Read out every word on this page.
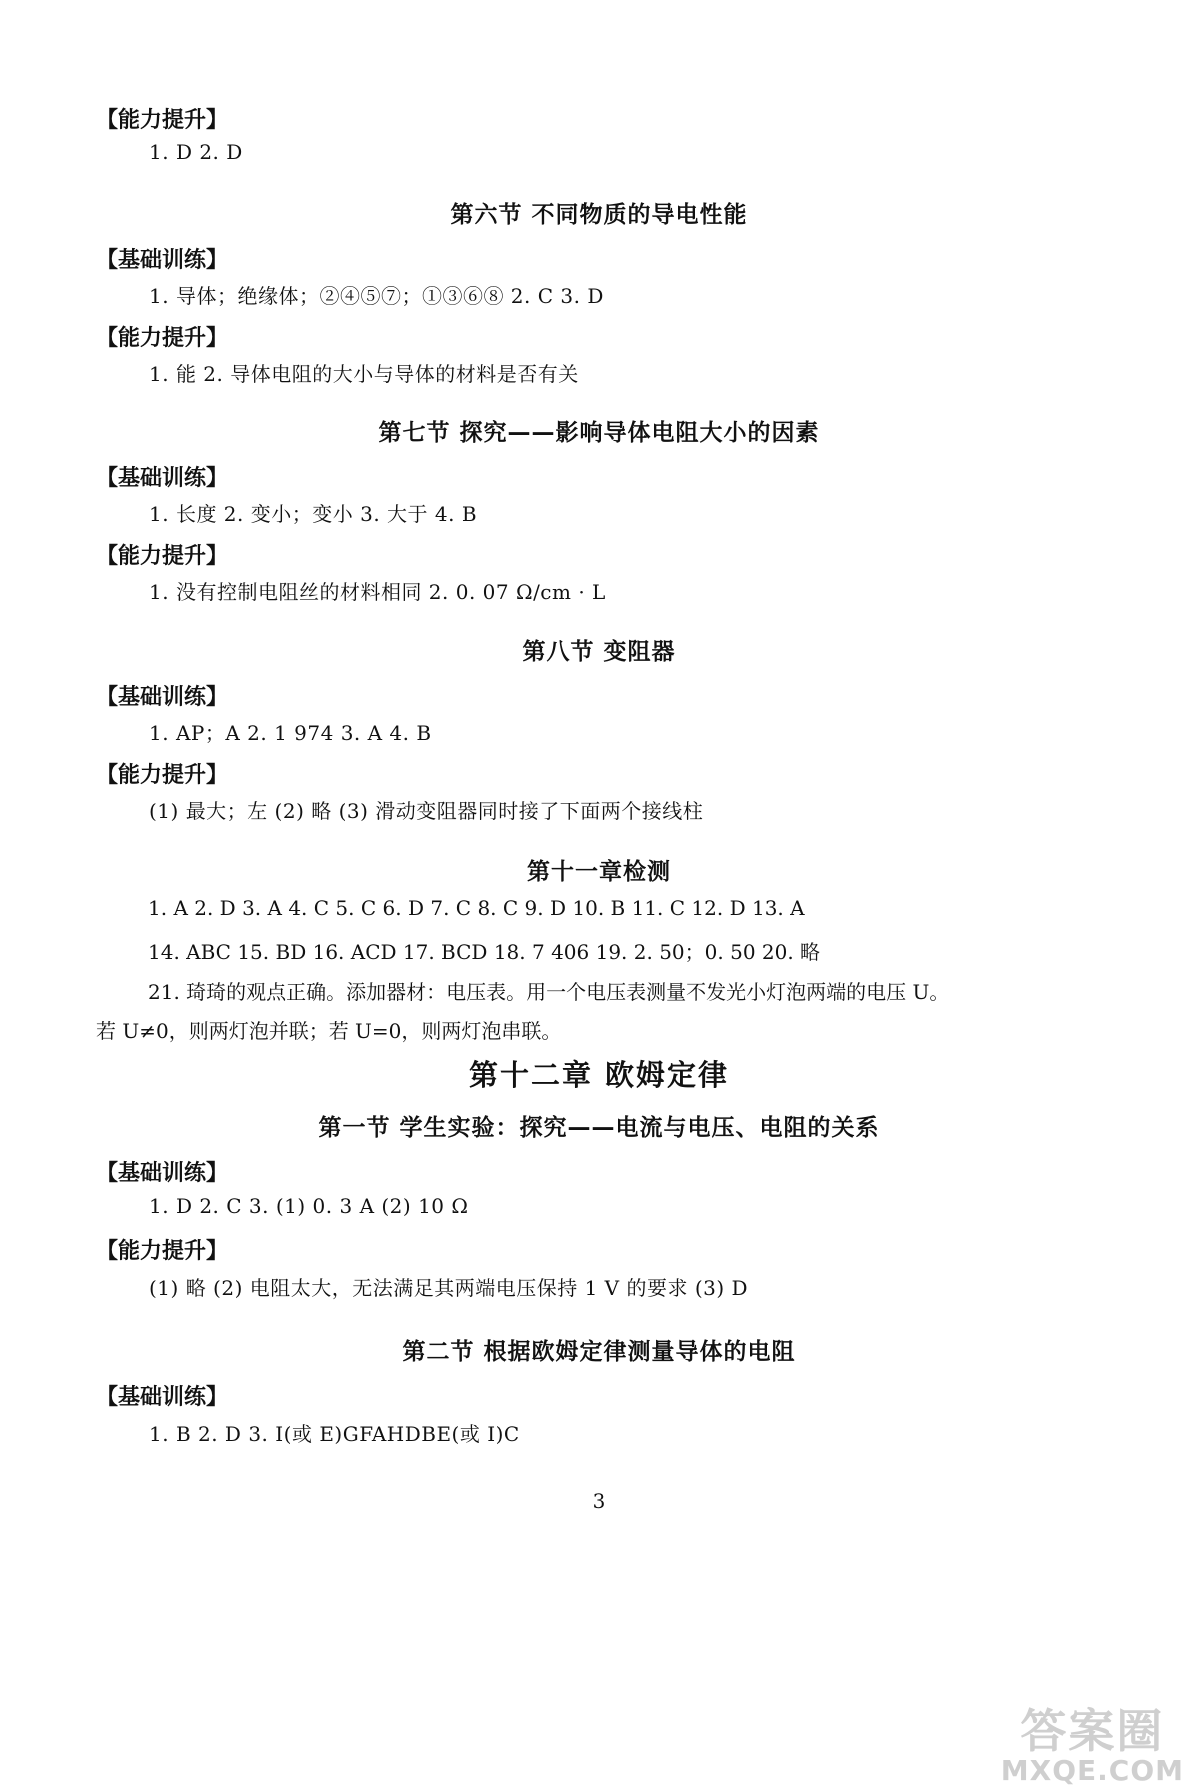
【能力提升】
1. D 2. D
第六节 不同物质的导电性能
【基础训练】
1. 导体；绝缘体；②④⑤⑦；①③⑥⑧ 2. C 3. D
【能力提升】
1. 能 2. 导体电阻的大小与导体的材料是否有关
第七节 探究——影响导体电阻大小的因素
【基础训练】
1. 长度 2. 变小；变小 3. 大于 4. B
【能力提升】
1. 没有控制电阻丝的材料相同 2. 0. 07 Ω/cm · L
第八节 变阻器
【基础训练】
1. AP；A 2. 1 974 3. A 4. B
【能力提升】
(1) 最大；左 (2) 略 (3) 滑动变阻器同时接了下面两个接线柱
第十一章检测
1. A 2. D 3. A 4. C 5. C 6. D 7. C 8. C 9. D 10. B 11. C 12. D 13. A
14. ABC 15. BD 16. ACD 17. BCD 18. 7 406 19. 2. 50；0. 50 20. 略
21. 琦琦的观点正确。添加器材：电压表。用一个电压表测量不发光小灯泡两端的电压 U。
若 U≠0，则两灯泡并联；若 U=0，则两灯泡串联。
第十二章 欧姆定律
第一节 学生实验：探究——电流与电压、电阻的关系
【基础训练】
1. D 2. C 3. (1) 0. 3 A (2) 10 Ω
【能力提升】
(1) 略 (2) 电阻太大，无法满足其两端电压保持 1 V 的要求 (3) D
第二节 根据欧姆定律测量导体的电阻
【基础训练】
1. B 2. D 3. I(或 E)GFAHDBE(或 I)C
3
答案圈
MXQE.COM
